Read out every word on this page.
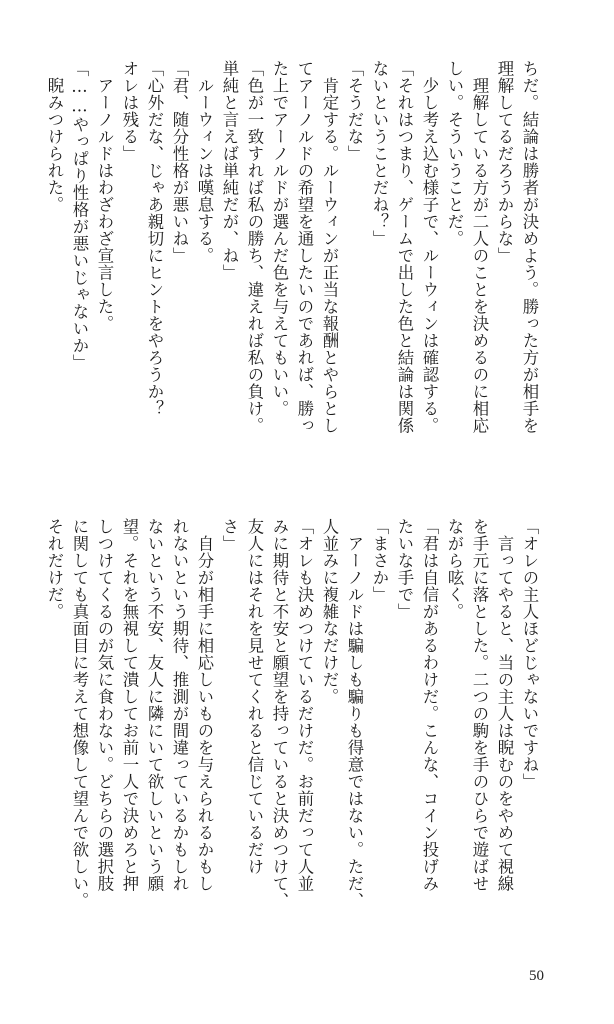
ちだ。結論は勝者が決めよう。勝った方が相手を
理解してるだろうからな」
　理解している方が二人のことを決めるのに相応
しい。そういうことだ。
　少し考え込む様子で、ルーウィンは確認する。
「それはつまり、ゲームで出した色と結論は関係
ないということだね？」
「そうだな」
　肯定する。ルーウィンが正当な報酬とやらとし
てアーノルドの希望を通したいのであれば、勝っ
た上でアーノルドが選んだ色を与えてもいい。
「色が一致すれば私の勝ち、違えれば私の負け。
単純と言えば単純だが、ね」
　ルーウィンは嘆息する。
「君、随分性格が悪いね」
「心外だな、じゃあ親切にヒントをやろうか？
オレは残る」
　アーノルドはわざわざ宣言した。
「……やっぱり性格が悪いじゃないか」
　睨みつけられた。
「オレの主人ほどじゃないですね」
　言ってやると、当の主人は睨むのをやめて視線
を手元に落とした。二つの駒を手のひらで遊ばせ
ながら呟く。
「君は自信があるわけだ。こんな、コイン投げみ
たいな手で」
「まさか」
　アーノルドは騙しも騙りも得意ではない。ただ、
人並みに複雑なだけだ。
「オレも決めつけているだけだ。お前だって人並
みに期待と不安と願望を持っていると決めつけて、
友人にはそれを見せてくれると信じているだけ
さ」
　自分が相手に相応しいものを与えられるかもし
れないという期待、推測が間違っているかもしれ
ないという不安、友人に隣にいて欲しいという願
望。それを無視して潰してお前一人で決めろと押
しつけてくるのが気に食わない。どちらの選択肢
に関しても真面目に考えて想像して望んで欲しい。
それだけだ。
50
